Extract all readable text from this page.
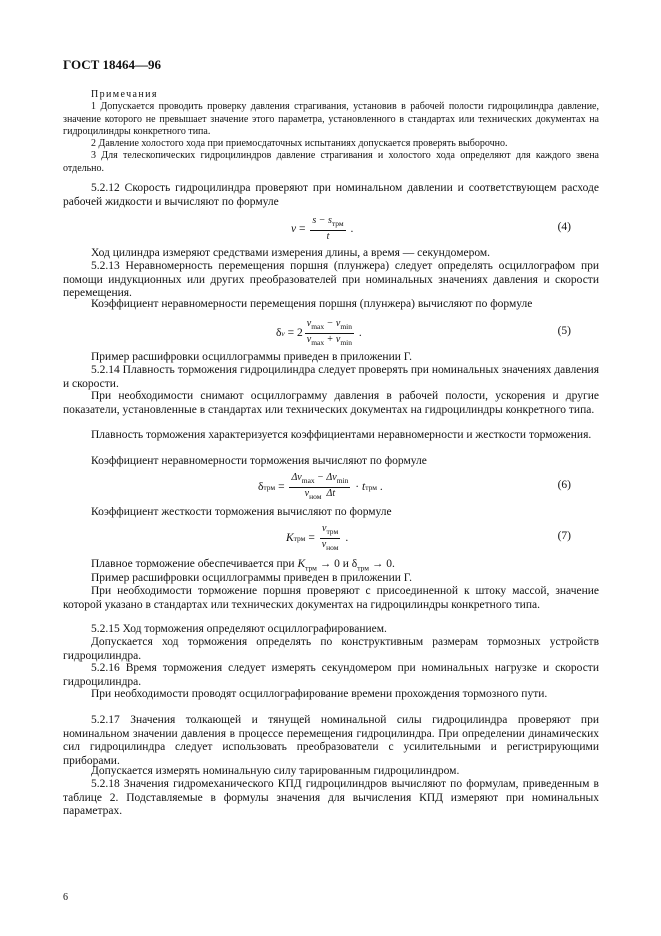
ГОСТ 18464—96
Примечания
1 Допускается проводить проверку давления страгивания, установив в рабочей полости гидроцилиндра давление, значение которого не превышает значение этого параметра, установленного в стандартах или технических документах на гидроцилиндры конкретного типа.
2 Давление холостого хода при приемосдаточных испытаниях допускается проверять выборочно.
3 Для телескопических гидроцилиндров давление страгивания и холостого хода определяют для каждого звена отдельно.
5.2.12 Скорость гидроцилиндра проверяют при номинальном давлении и соответствующем расходе рабочей жидкости и вычисляют по формуле
$v = \frac{s - s_{трм}}{t}$ .	(4)
Ход цилиндра измеряют средствами измерения длины, а время — секундомером.
5.2.13 Неравномерность перемещения поршня (плунжера) следует определять осциллографом при помощи индукционных или других преобразователей при номинальных значениях давления и скорости перемещения.
Коэффициент неравномерности перемещения поршня (плунжера) вычисляют по формуле
δ $v = 2 \frac{v_{max} - v_{min}}{v_{max} + v_{min}}$ .	(5)
Пример расшифровки осциллограммы приведен в приложении Г.
5.2.14 Плавность торможения гидроцилиндра следует проверять при номинальных значениях давления и скорости.
При необходимости снимают осциллограмму давления в рабочей полости, ускорения и другие показатели, установленные в стандартах или технических документах на гидроцилиндры конкретного типа.
Плавность торможения характеризуется коэффициентами неравномерности и жесткости торможения.
Коэффициент неравномерности торможения вычисляют по формуле
δ трм = $\frac{\Delta v_{max} - \Delta v_{min}}{v_{ном} \Delta t} \cdot t$ трм .	(6)
Коэффициент жесткости торможения вычисляют по формуле
K трм = $\frac{v_{трм}}{v_{ном}}$ .	(7)
Плавное торможение обеспечивается при $K_{трм} \to 0$ и $\delta_{трм} \to 0$.
Пример расшифровки осциллограммы приведен в приложении Г.
При необходимости торможение поршня проверяют с присоединенной к штоку массой, значение которой указано в стандартах или технических документах на гидроцилиндры конкретного типа.
5.2.15 Ход торможения определяют осциллографированием.
Допускается ход торможения определять по конструктивным размерам тормозных устройств гидроцилиндра.
5.2.16 Время торможения следует измерять секундомером при номинальных нагрузке и скорости гидроцилиндра.
При необходимости проводят осциллографирование времени прохождения тормозного пути.
5.2.17 Значения толкающей и тянущей номинальной силы гидроцилиндра проверяют при номинальном значении давления в процессе перемещения гидроцилиндра. При определении динамических сил гидроцилиндра следует использовать преобразователи с усилительными и регистрирующими приборами.
Допускается измерять номинальную силу тарированным гидроцилиндром.
5.2.18 Значения гидромеханического КПД гидроцилиндров вычисляют по формулам, приведенным в таблице 2. Подставляемые в формулы значения для вычисления КПД измеряют при номинальных параметрах.
6
